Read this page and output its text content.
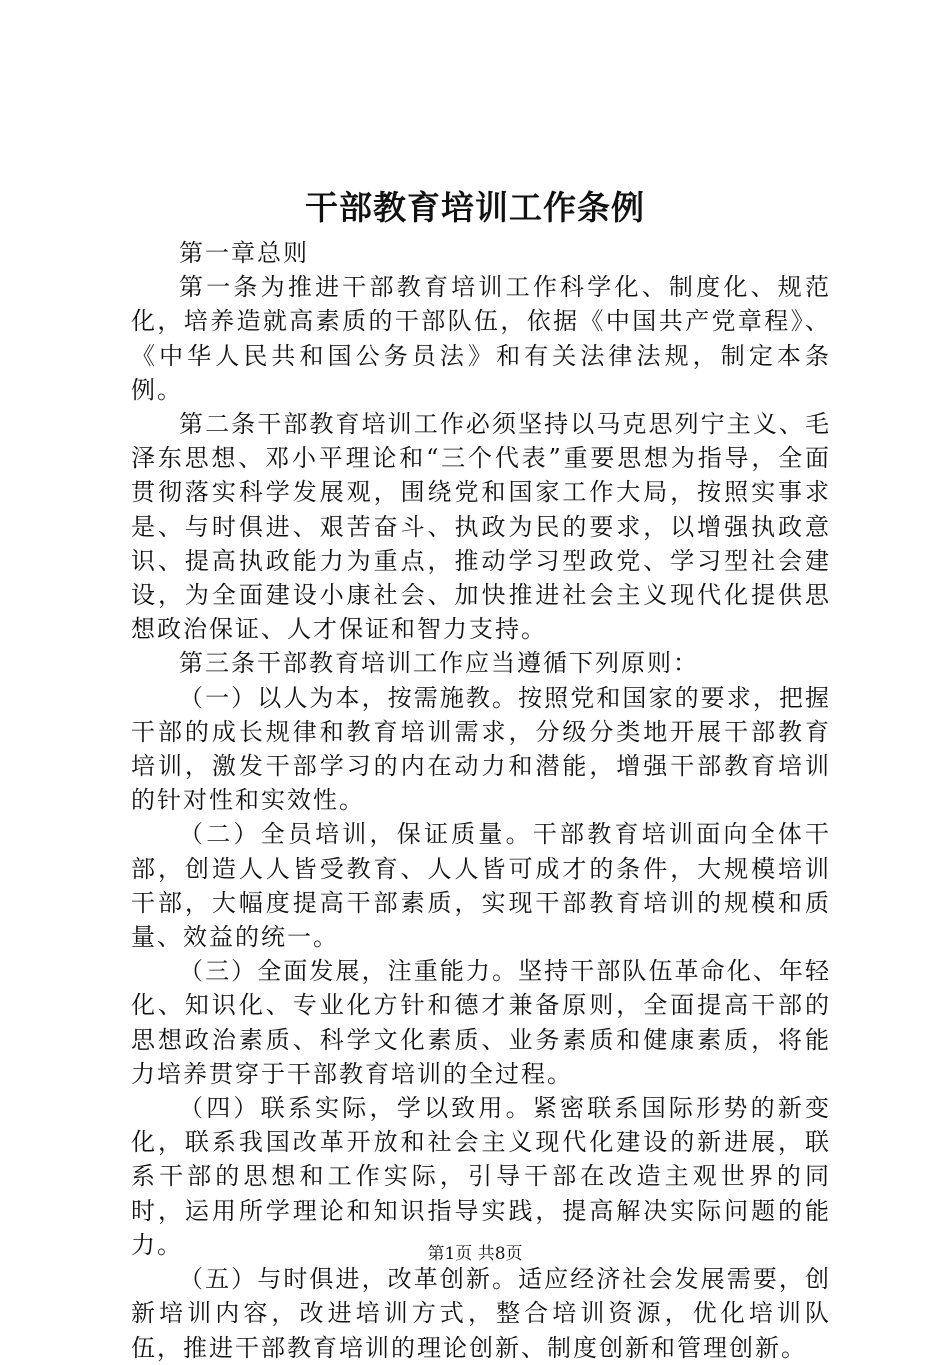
干部教育培训工作条例

第一章总则

第一条为推进干部教育培训工作科学化、制度化、规范化，培养造就高素质的干部队伍，依据《中国共产党章程》、《中华人民共和国公务员法》和有关法律法规，制定本条例。

第二条干部教育培训工作必须坚持以马克思列宁主义、毛泽东思想、邓小平理论和“三个代表”重要思想为指导，全面贯彻落实科学发展观，围绕党和国家工作大局，按照实事求是、与时俱进、艰苦奋斗、执政为民的要求，以增强执政意识、提高执政能力为重点，推动学习型政党、学习型社会建设，为全面建设小康社会、加快推进社会主义现代化提供思想政治保证、人才保证和智力支持。

第三条干部教育培训工作应当遵循下列原则：

（一）以人为本，按需施教。按照党和国家的要求，把握干部的成长规律和教育培训需求，分级分类地开展干部教育培训，激发干部学习的内在动力和潜能，增强干部教育培训的针对性和实效性。

（二）全员培训，保证质量。干部教育培训面向全体干部，创造人人皆受教育、人人皆可成才的条件，大规模培训干部，大幅度提高干部素质，实现干部教育培训的规模和质量、效益的统一。

（三）全面发展，注重能力。坚持干部队伍革命化、年轻化、知识化、专业化方针和德才兼备原则，全面提高干部的思想政治素质、科学文化素质、业务素质和健康素质，将能力培养贯穿于干部教育培训的全过程。

（四）联系实际，学以致用。紧密联系国际形势的新变化，联系我国改革开放和社会主义现代化建设的新进展，联系干部的思想和工作实际，引导干部在改造主观世界的同时，运用所学理论和知识指导实践，提高解决实际问题的能力。

（五）与时俱进，改革创新。适应经济社会发展需要，创新培训内容，改进培训方式，整合培训资源，优化培训队伍，推进干部教育培训的理论创新、制度创新和管理创新。

第1页 共8页
